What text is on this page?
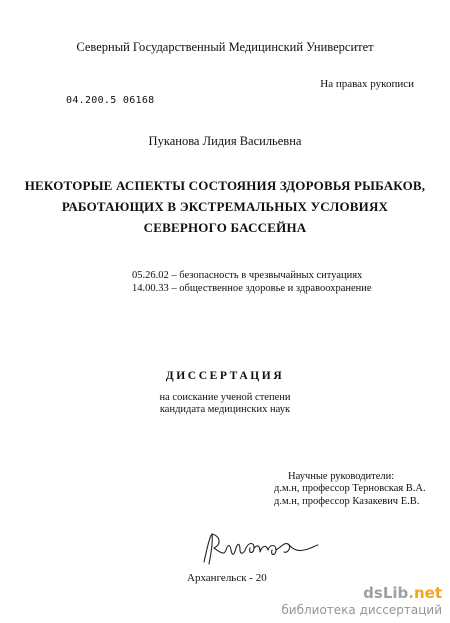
Северный Государственный Медицинский Университет
На правах рукописи
04.200.5 06168
Пуканова Лидия Васильевна
НЕКОТОРЫЕ АСПЕКТЫ СОСТОЯНИЯ ЗДОРОВЬЯ РЫБАКОВ,
РАБОТАЮЩИХ В ЭКСТРЕМАЛЬНЫХ УСЛОВИЯХ
СЕВЕРНОГО БАССЕЙНА
05.26.02 – безопасность в чрезвычайных ситуациях
14.00.33 – общественное здоровье и здравоохранение
ДИССЕРТАЦИЯ
на соискание ученой степени
кандидата медицинских наук
Научные руководители:
д.м.н, профессор Терновская В.А.
д.м.н, профессор Казакевич Е.В.
Архангельск - 20
dsLib.net
библиотека диссертаций
